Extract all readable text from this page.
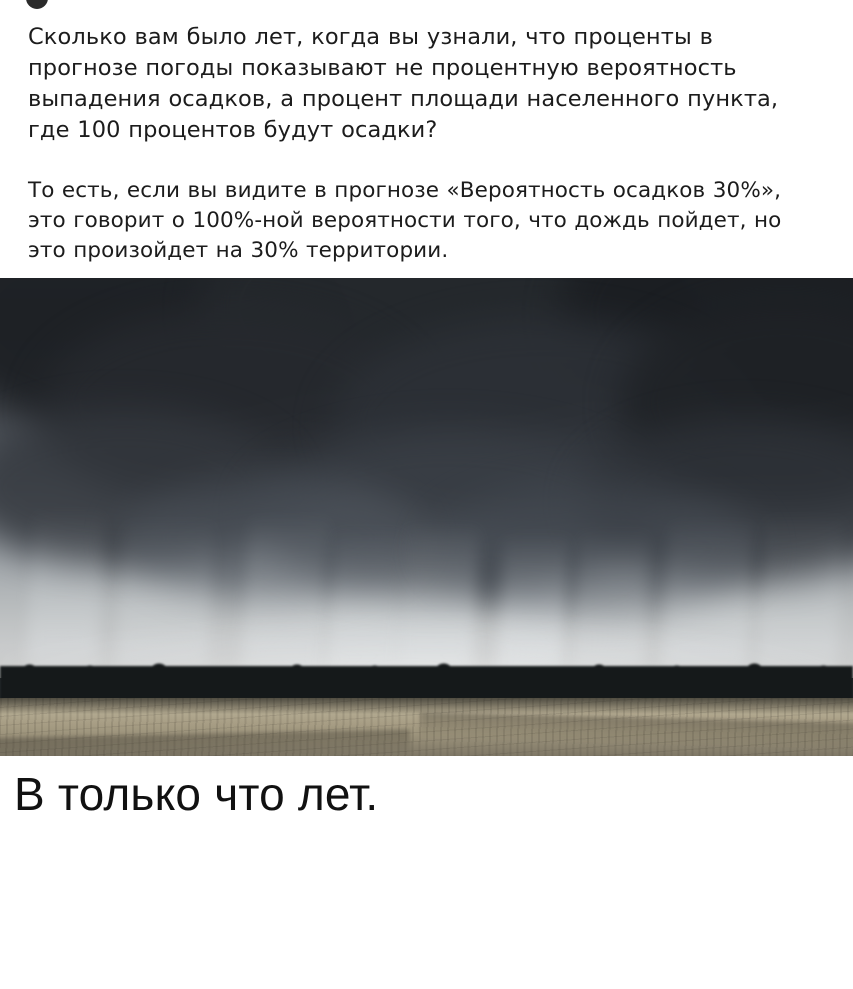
Сколько вам было лет, когда вы узнали, что проценты в прогнозе погоды показывают не процентную вероятность выпадения осадков, а процент площади населенного пункта, где 100 процентов будут осадки?

То есть, если вы видите в прогнозе «Вероятность осадков 30%», это говорит о 100%-ной вероятности того, что дождь пойдет, но это произойдет на 30% территории.

В только что лет.
